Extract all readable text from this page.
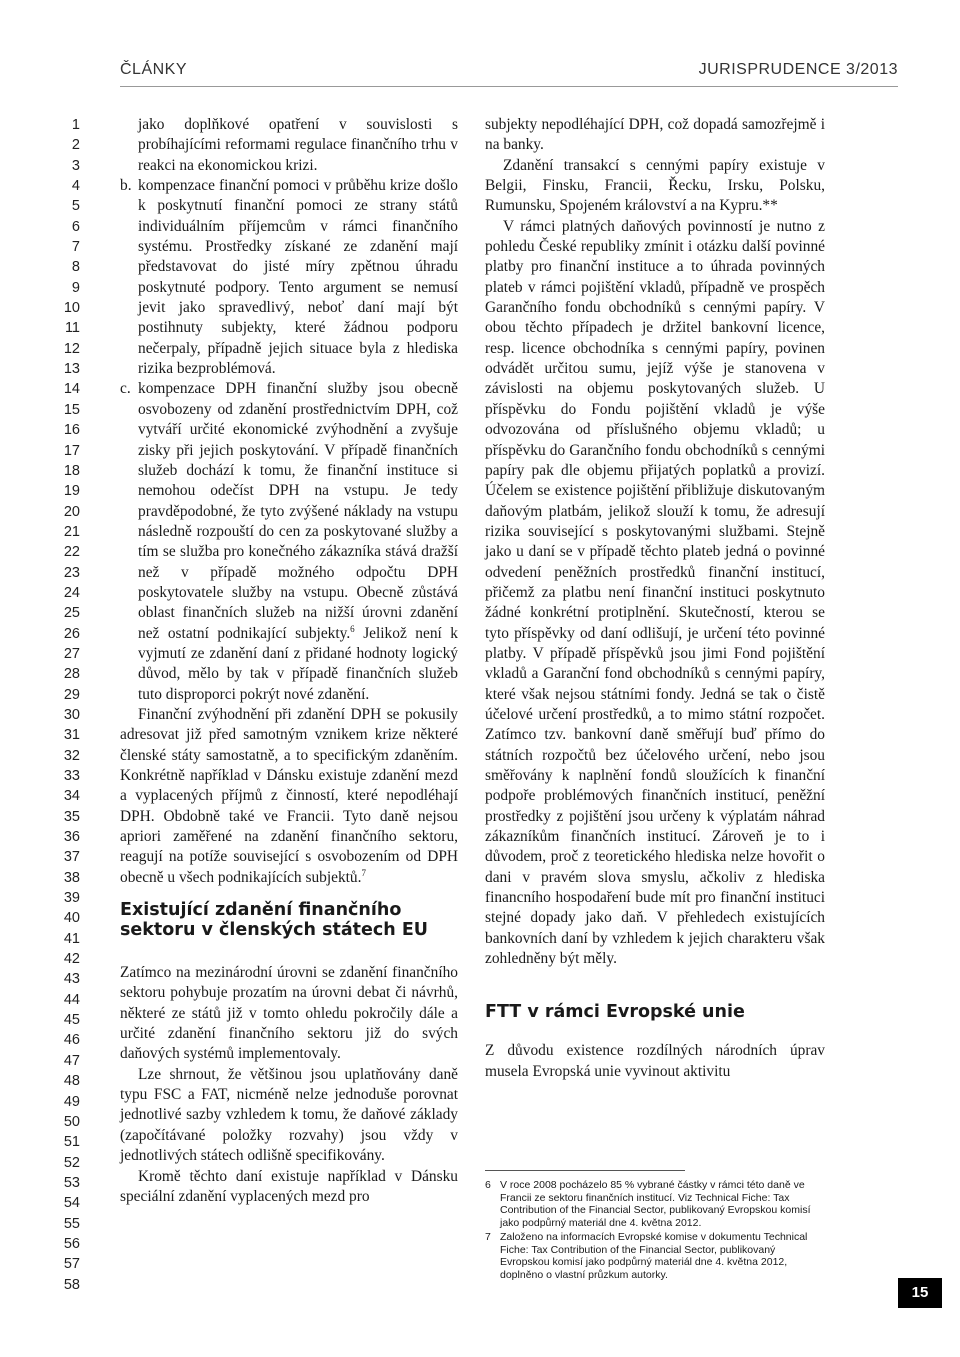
ČLÁNKY	JURISPRUDENCE 3/2013
1
2
3
4
5
6
7
8
9
10
11
12
13
14
15
16
17
18
19
20
21
22
23
24
25
26
27
28
29
30
31
32
33
34
35
36
37
38
39
40
41
42
43
44
45
46
47
48
49
50
51
52
53
54
55
56
57
58

jako doplňkové opatření v souvislosti s probíhajícími reformami regulace finančního trhu v reakci na ekonomickou krizi.

b. kompenzace finanční pomoci v průběhu krize došlo k poskytnutí finanční pomoci ze strany států individuálním příjemcům v rámci finančního systému. Prostředky získané ze zdanění mají představovat do jisté míry zpětnou úhradu poskytnuté podpory. Tento argument se nemusí jevit jako spravedlivý, neboť daní mají být postihnuty subjekty, které žádnou podporu nečerpaly, případně jejich situace byla z hlediska rizika bezproblémová.

c. kompenzace DPH finanční služby jsou obecně osvobozeny od zdanění prostřednictvím DPH, což vytváří určité ekonomické zvýhodnění a zvyšuje zisky při jejich poskytování. V případě finančních služeb dochází k tomu, že finanční instituce si nemohou odečíst DPH na vstupu. Je tedy pravděpodobné, že tyto zvýšené náklady na vstupu následně rozpouští do cen za poskytované služby a tím se služba pro konečného zákazníka stává dražší než v případě možného odpočtu DPH poskytovatele služby na vstupu. Obecně zůstává oblast finančních služeb na nižší úrovni zdanění než ostatní podnikající subjekty.$^6$ Jelikož není k vyjmutí ze zdanění daní z přidané hodnoty logický důvod, mělo by tak v případě finančních služeb tuto disproporci pokrýt nové zdanění.

Finanční zvýhodnění při zdanění DPH se pokusily adresovat již před samotným vznikem krize některé členské státy samostatně, a to specifickým zdaněním. Konkrétně například v Dánsku existuje zdanění mezd a vyplacených příjmů z činností, které nepodléhají DPH. Obdobně také ve Francii. Tyto daně nejsou apriori zaměřené na zdanění finančního sektoru, reagují na potíže související s osvobozením od DPH obecně u všech podnikajících subjektů.$^7$

Existující zdanění finančního sektoru v členských státech EU

Zatímco na mezinárodní úrovni se zdanění finančního sektoru pohybuje prozatím na úrovni debat či návrhů, některé ze států již v tomto ohledu pokročily dále a určité zdanění finančního sektoru již do svých daňových systémů implementovaly.

Lze shrnout, že většinou jsou uplatňovány daně typu FSC a FAT, nicméně nelze jednoduše porovnat jednotlivé sazby vzhledem k tomu, že daňové základy (započítávané položky rozvahy) jsou vždy v jednotlivých státech odlišně specifikovány.

Kromě těchto daní existuje například v Dánsku speciální zdanění vyplacených mezd pro

subjekty nepodléhající DPH, což dopadá samozřejmě i na banky.

Zdanění transakcí s cennými papíry existuje v Belgii, Finsku, Francii, Řecku, Irsku, Polsku, Rumunsku, Spojeném království a na Kypru.**

V rámci platných daňových povinností je nutno z pohledu České republiky zmínit i otázku další povinné platby pro finanční instituce a to úhrada povinných plateb v rámci pojištění vkladů, případně ve prospěch Garančního fondu obchodníků s cennými papíry. V obou těchto případech je držitel bankovní licence, resp. licence obchodníka s cennými papíry, povinen odvádět určitou sumu, jejíž výše je stanovena v závislosti na objemu poskytovaných služeb. U příspěvku do Fondu pojištění vkladů je výše odvozována od příslušného objemu vkladů; u příspěvku do Garančního fondu obchodníků s cennými papíry pak dle objemu přijatých poplatků a provizí. Účelem se existence pojištění přibližuje diskutovaným daňovým platbám, jelikož slouží k tomu, že adresují rizika související s poskytovanými službami. Stejně jako u daní se v případě těchto plateb jedná o povinné odvedení peněžních prostředků finanční institucí, přičemž za platbu není finanční instituci poskytnuto žádné konkrétní protiplnění. Skutečností, kterou se tyto příspěvky od daní odlišují, je určení této povinné platby. V případě příspěvků jsou jimi Fond pojištění vkladů a Garanční fond obchodníků s cennými papíry, které však nejsou státními fondy. Jedná se tak o čistě účelové určení prostředků, a to mimo státní rozpočet. Zatímco tzv. bankovní daně směřují buď přímo do státních rozpočtů bez účelového určení, nebo jsou směřovány k naplnění fondů sloužících k finanční podpoře problémových finančních institucí, peněžní prostředky z pojištění jsou určeny k výplatám náhrad zákazníkům finančních institucí. Zároveň je to i důvodem, proč z teoretického hlediska nelze hovořit o dani v pravém slova smyslu, ačkoliv z hlediska financního hospodaření bude mít pro finanční instituci stejné dopady jako daň. V přehledech existujících bankovních daní by vzhledem k jejich charakteru však zohledněny být měly.

FTT v rámci Evropské unie

Z důvodu existence rozdílných národních úprav musela Evropská unie vyvinout aktivitu

6 V roce 2008 pocházelo 85 % vybrané částky v rámci této daně ve Francii ze sektoru finančních institucí. Viz Technical Fiche: Tax Contribution of the Financial Sector, publikovaný Evropskou komisí jako podpůrný materiál dne 4. května 2012.
7 Založeno na informacích Evropské komise v dokumentu Technical Fiche: Tax Contribution of the Financial Sector, publikovaný Evropskou komisí jako podpůrný materiál dne 4. května 2012, doplněno o vlastní průzkum autorky.
15
